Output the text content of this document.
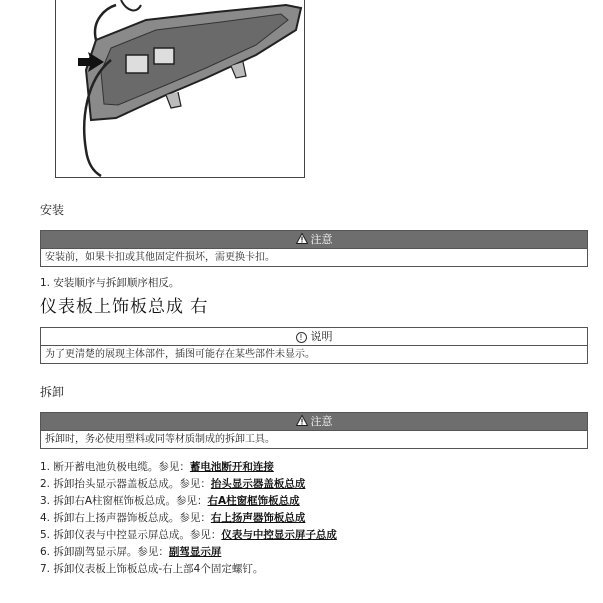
安装
注意
安装前，如果卡扣或其他固定件损坏，需更换卡扣。
1. 安装顺序与拆卸顺序相反。
仪表板上饰板总成 右
! 说明
为了更清楚的展现主体部件，插图可能存在某些部件未显示。
拆卸
注意
拆卸时，务必使用塑料或同等材质制成的拆卸工具。
1. 断开蓄电池负极电缆。参见：蓄电池断开和连接
2. 拆卸抬头显示器盖板总成。参见：抬头显示器盖板总成
3. 拆卸右A柱窗框饰板总成。参见：右A柱窗框饰板总成
4. 拆卸右上扬声器饰板总成。参见：右上扬声器饰板总成
5. 拆卸仪表与中控显示屏总成。参见：仪表与中控显示屏子总成
6. 拆卸副驾显示屏。参见：副驾显示屏
7. 拆卸仪表板上饰板总成-右上部4个固定螺钉。
